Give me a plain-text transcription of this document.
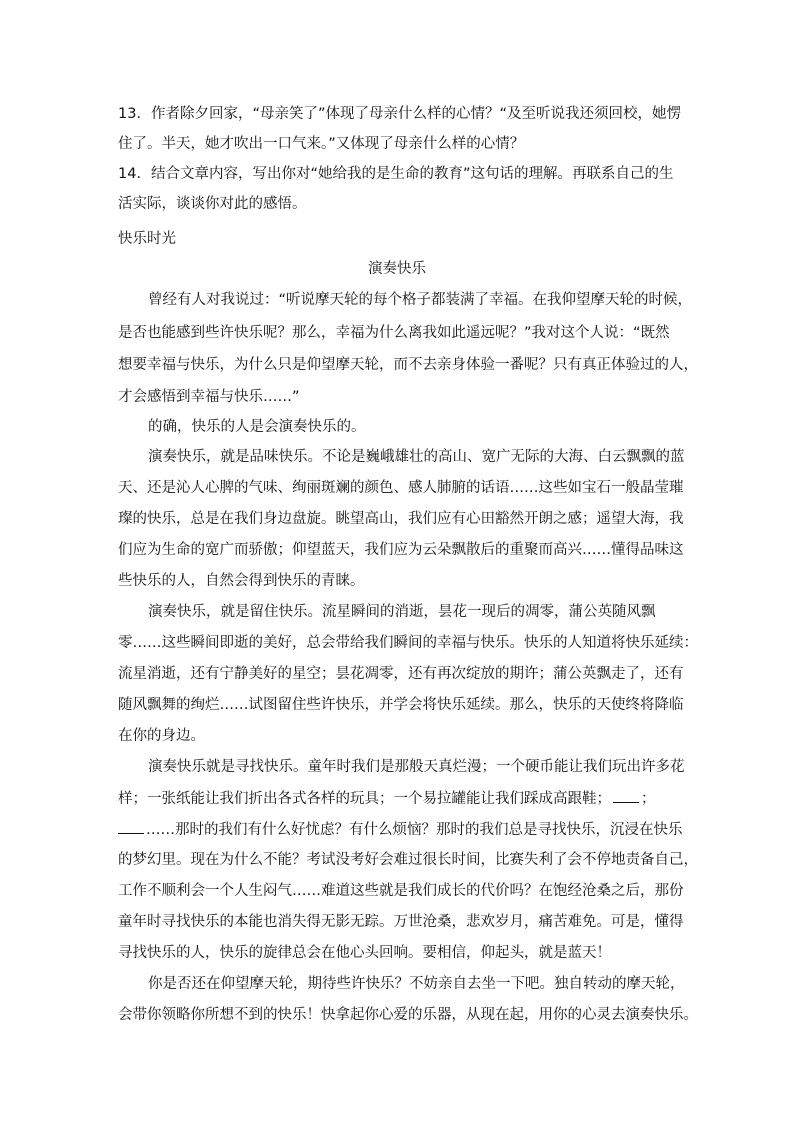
13．作者除夕回家，“母亲笑了”体现了母亲什么样的心情？“及至听说我还须回校，她愣
住了。半天，她才吹出一口气来。”又体现了母亲什么样的心情？
14．结合文章内容，写出你对“她给我的是生命的教育”这句话的理解。再联系自己的生
活实际，谈谈你对此的感悟。
快乐时光
演奏快乐
曾经有人对我说过：“听说摩天轮的每个格子都装满了幸福。在我仰望摩天轮的时候，
是否也能感到些许快乐呢？那么，幸福为什么离我如此遥远呢？”我对这个人说：“既然
想要幸福与快乐，为什么只是仰望摩天轮，而不去亲身体验一番呢？只有真正体验过的人，
才会感悟到幸福与快乐……”
的确，快乐的人是会演奏快乐的。
演奏快乐，就是品味快乐。不论是巍峨雄壮的高山、宽广无际的大海、白云飘飘的蓝
天、还是沁人心脾的气味、绚丽斑斓的颜色、感人肺腑的话语……这些如宝石一般晶莹璀
璨的快乐，总是在我们身边盘旋。眺望高山，我们应有心田豁然开朗之感；遥望大海，我
们应为生命的宽广而骄傲；仰望蓝天，我们应为云朵飘散后的重聚而高兴……懂得品味这
些快乐的人，自然会得到快乐的青睐。
演奏快乐，就是留住快乐。流星瞬间的消逝，昙花一现后的凋零，蒲公英随风飘
零……这些瞬间即逝的美好，总会带给我们瞬间的幸福与快乐。快乐的人知道将快乐延续：
流星消逝，还有宁静美好的星空；昙花凋零，还有再次绽放的期许；蒲公英飘走了，还有
随风飘舞的绚烂……试图留住些许快乐，并学会将快乐延续。那么，快乐的天使终将降临
在你的身边。
演奏快乐就是寻找快乐。童年时我们是那般天真烂漫；一个硬币能让我们玩出许多花
样；一张纸能让我们折出各式各样的玩具；一个易拉罐能让我们踩成高跟鞋； ；
……那时的我们有什么好忧虑？有什么烦恼？那时的我们总是寻找快乐，沉浸在快乐
的梦幻里。现在为什么不能？考试没考好会难过很长时间，比赛失利了会不停地责备自己，
工作不顺利会一个人生闷气……难道这些就是我们成长的代价吗？在饱经沧桑之后，那份
童年时寻找快乐的本能也消失得无影无踪。万世沧桑，悲欢岁月，痛苦难免。可是，懂得
寻找快乐的人，快乐的旋律总会在他心头回响。要相信，仰起头，就是蓝天！
你是否还在仰望摩天轮，期待些许快乐？不妨亲自去坐一下吧。独自转动的摩天轮，
会带你领略你所想不到的快乐！快拿起你心爱的乐器，从现在起，用你的心灵去演奏快乐。
